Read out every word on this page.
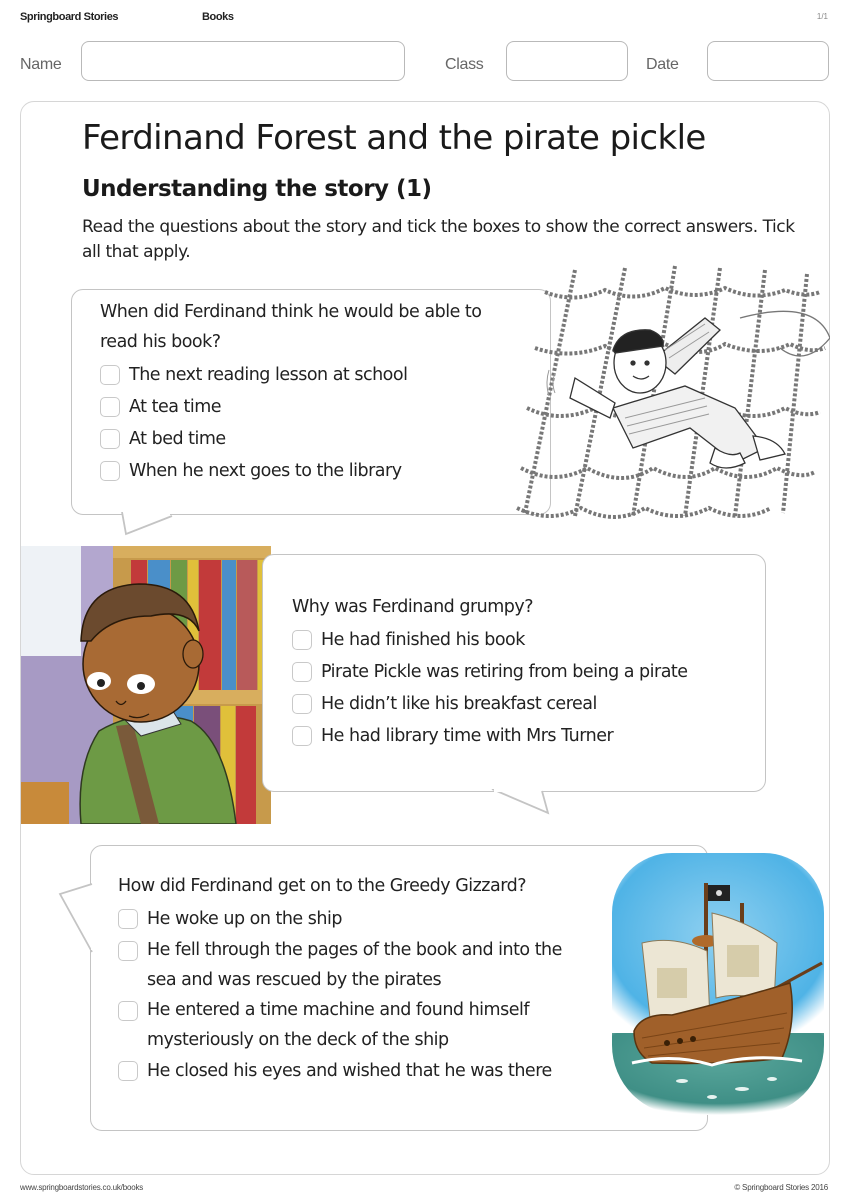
Springboard Stories	Books	1/1
Name	Class	Date
Ferdinand Forest and the pirate pickle
Understanding the story (1)

Read the questions about the story and tick the boxes to show the correct answers. Tick all that apply.

When did Ferdinand think he would be able to read his book?
The next reading lesson at school
At tea time
At bed time
When he next goes to the library
Why was Ferdinand grumpy?
He had finished his book
Pirate Pickle was retiring from being a pirate
He didn’t like his breakfast cereal
He had library time with Mrs Turner
How did Ferdinand get on to the Greedy Gizzard?
He woke up on the ship
He fell through the pages of the book and into the sea and was rescued by the pirates
He entered a time machine and found himself mysteriously on the deck of the ship
He closed his eyes and wished that he was there
www.springboardstories.co.uk/books	© Springboard Stories 2016
